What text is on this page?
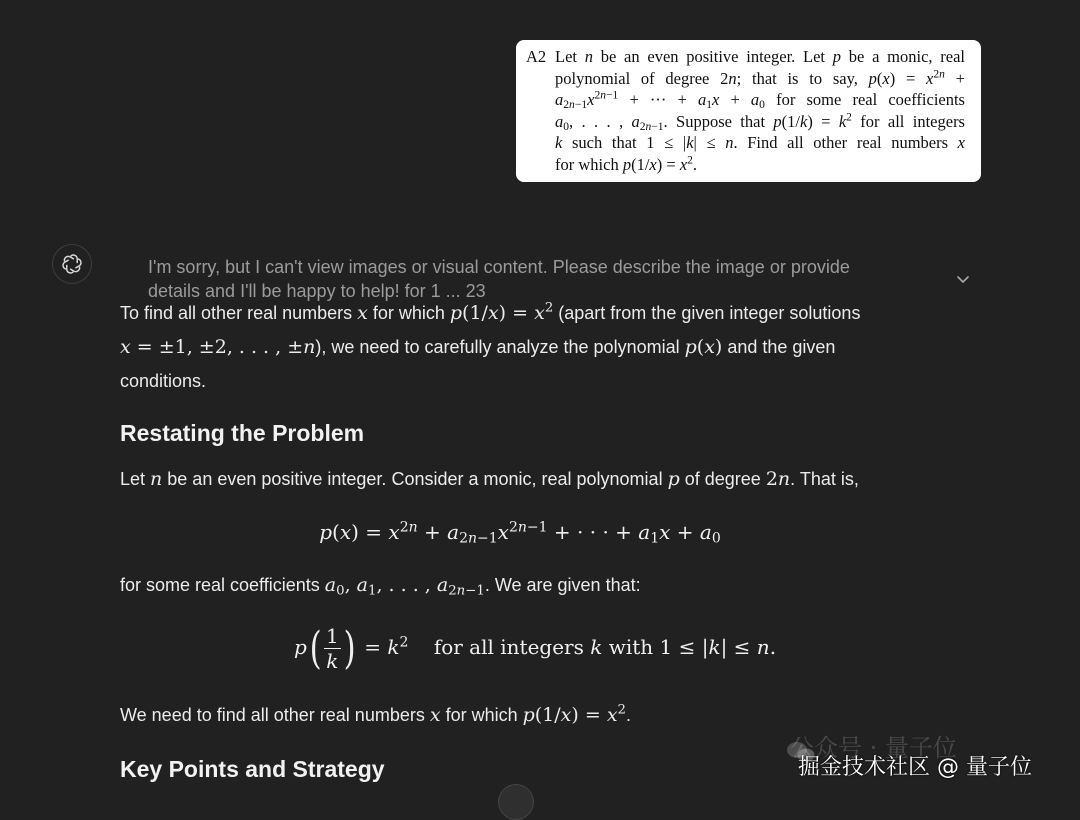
A2 Let n be an even positive integer. Let p be a monic, real
polynomial of degree 2n; that is to say, $p(x) = x^{2n}$ +
$a_{2n-1}x^{2n-1}$ + ··· + $a_1x + a_0$ for some real coefficients
$a_0$, . . . , $a_{2n-1}$. Suppose that $p(1/k) = k^2$ for all integers
k such that 1 ≤ |k| ≤ n. Find all other real numbers x
for which $p(1/x) = x^2$.
I'm sorry, but I can't view images or visual content. Please describe the image or provide
details and I'll be happy to help! for 1 ... 23

To find all other real numbers x for which $p(1/x) = x^2$ (apart from the given integer solutions
x = ±1, ±2, . . . , ±n), we need to carefully analyze the polynomial p(x) and the given
conditions.

Restating the Problem

Let n be an even positive integer. Consider a monic, real polynomial p of degree 2n. That is,

$p(x) = x^{2n} + a_{2n-1}x^{2n-1}$ + · · · + $a_1x + a_0$

for some real coefficients $a_0$, $a_1$, . . . , $a_{2n-1}$. We are given that:

$p( \frac{1}{k}$ ) = $k^2$ for all integers k with 1 ≤ |k| ≤ n.

We need to find all other real numbers x for which $p(1/x) = x^2$.

Key Points and Strategy
公众号 · 量子位
掘金技术社区 @ 量子位
